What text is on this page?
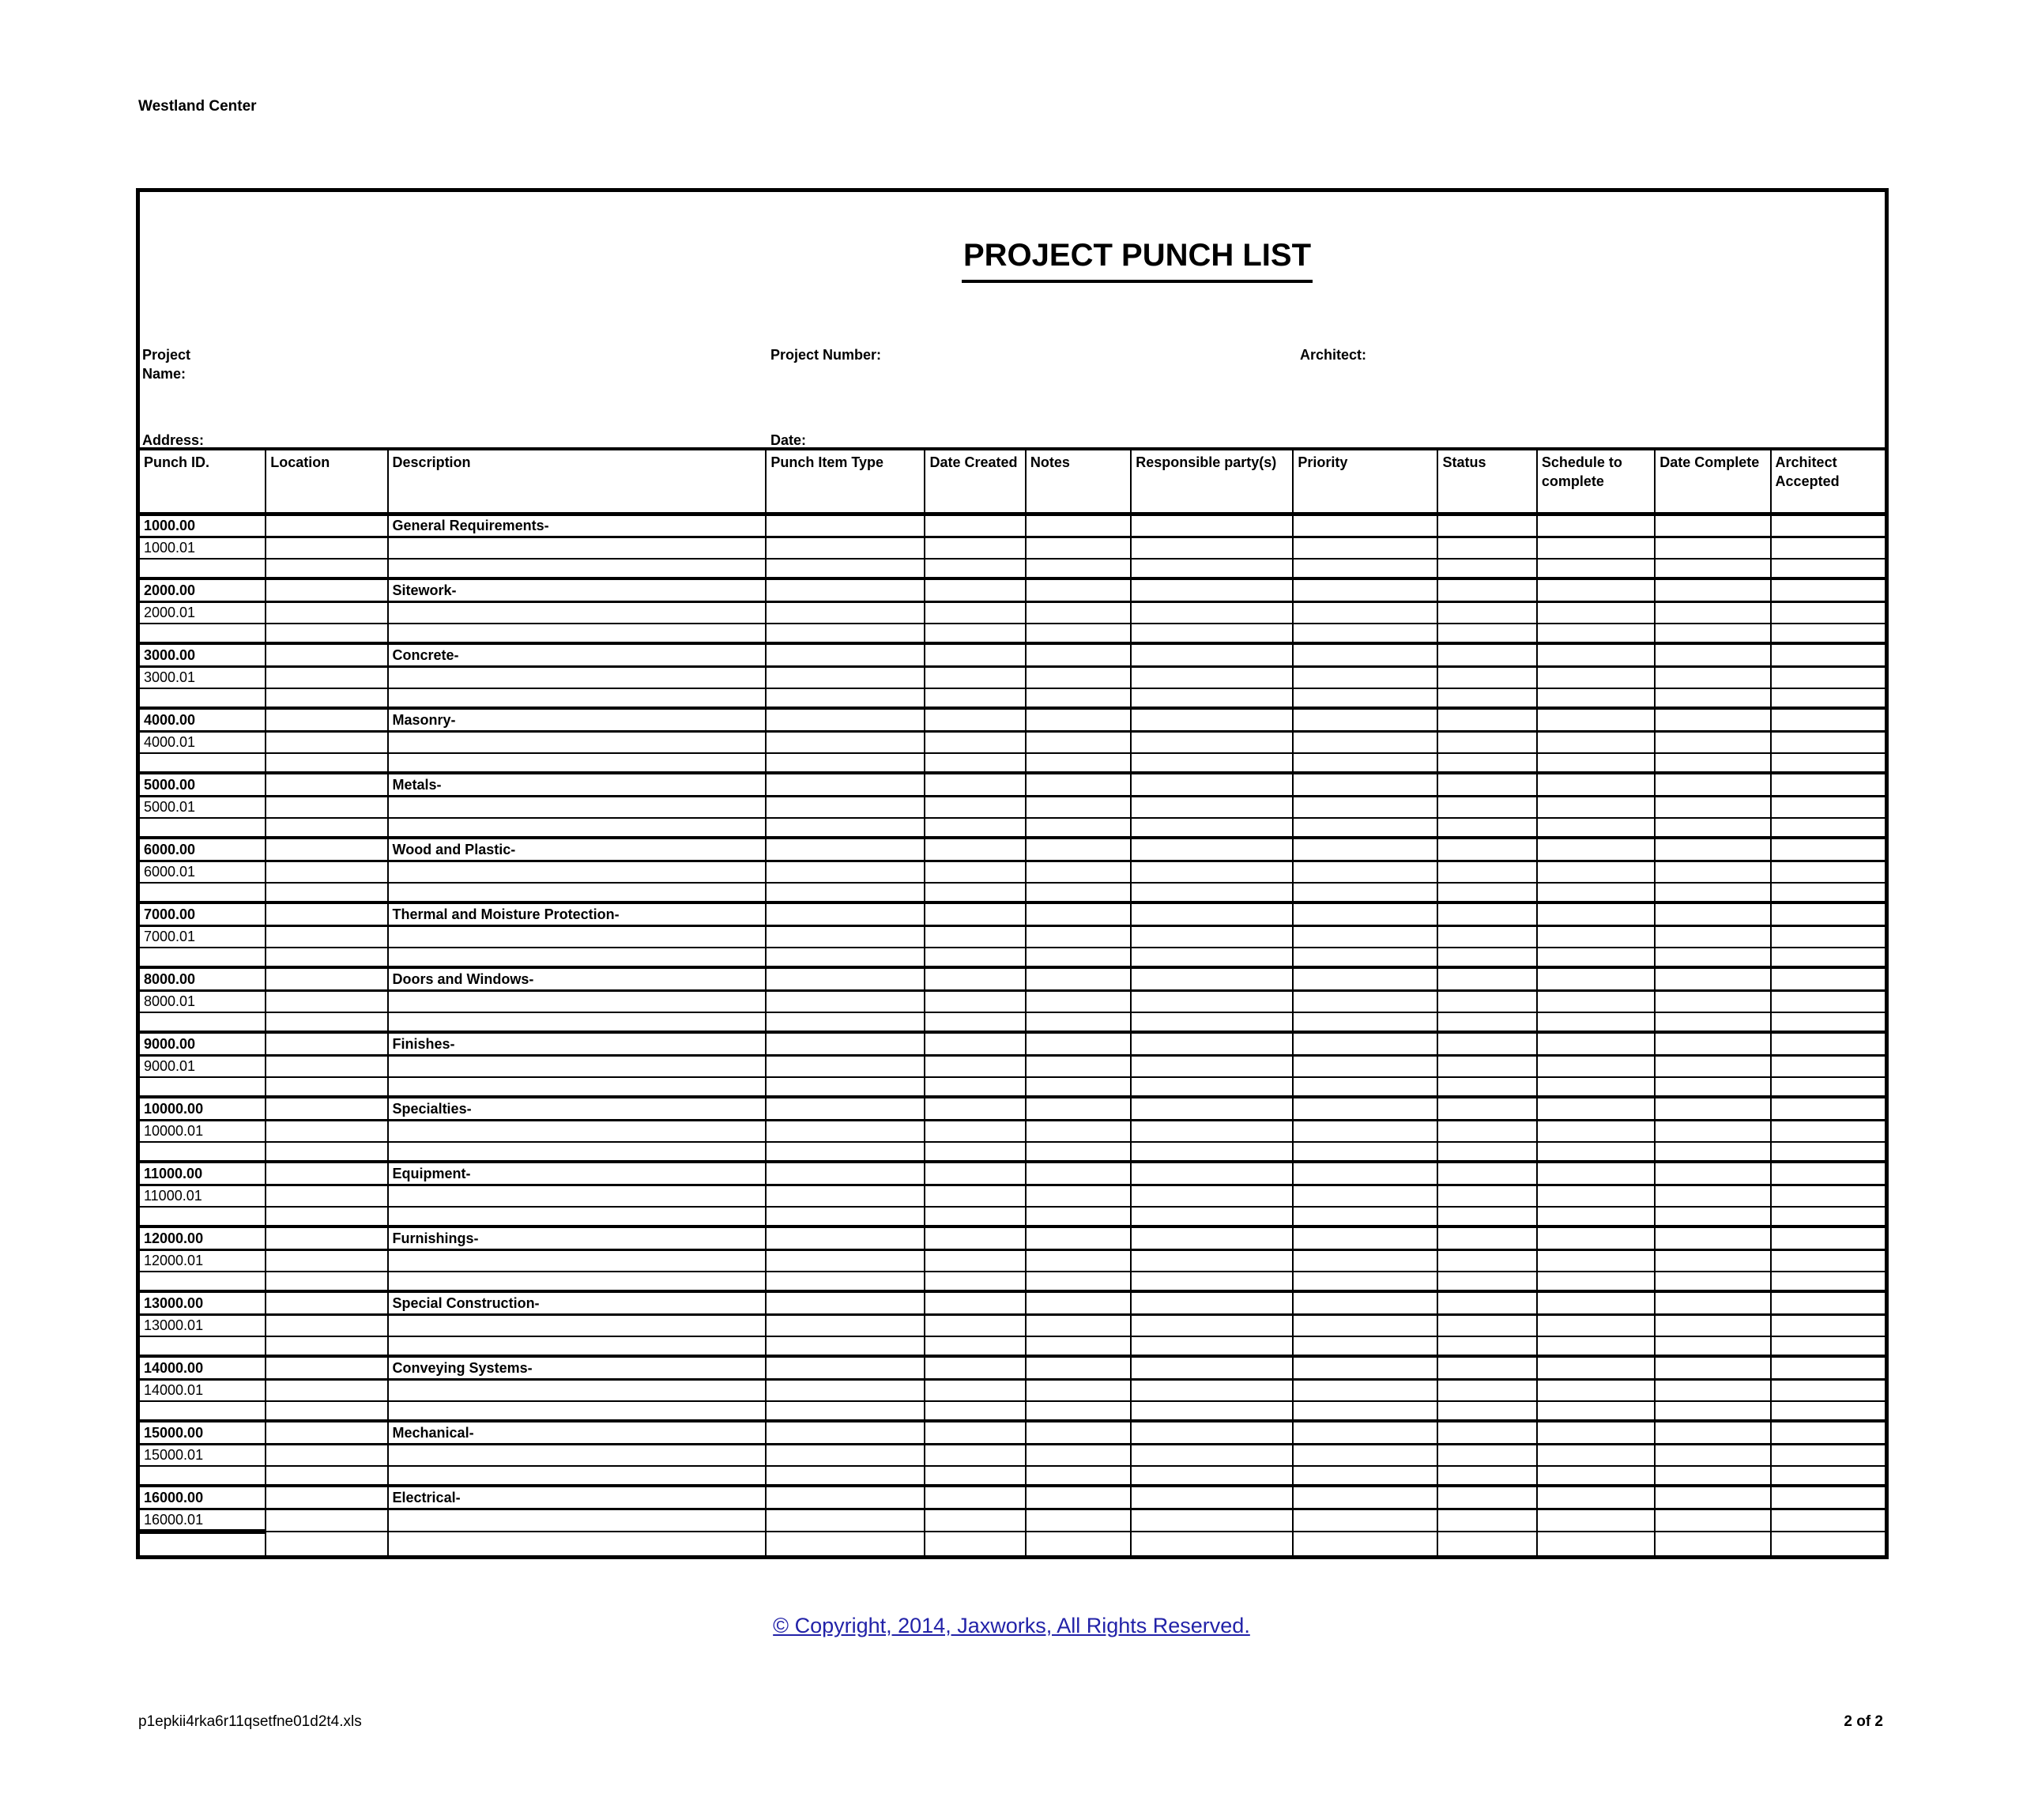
Westland Center
PROJECT PUNCH LIST
Project Name:
Project Number:	Architect:
Address:	Date:
Punch ID.	Location	Description	Punch Item Type	Date Created	Notes	Responsible party(s)	Priority	Status	Schedule to complete	Date Complete	Architect Accepted
1000.00		General Requirements-									
1000.01											

2000.00		Sitework-									
2000.01											

3000.00		Concrete-									
3000.01											

4000.00		Masonry-									
4000.01											

5000.00		Metals-									
5000.01											

6000.00		Wood and Plastic-									
6000.01											

7000.00		Thermal and Moisture Protection-									
7000.01											

8000.00		Doors and Windows-									
8000.01											

9000.00		Finishes-									
9000.01											

10000.00		Specialties-									
10000.01											

11000.00		Equipment-									
11000.01											

12000.00		Furnishings-									
12000.01											

13000.00		Special Construction-									
13000.01											

14000.00		Conveying Systems-									
14000.01											

15000.00		Mechanical-									
15000.01											

16000.00		Electrical-									
16000.01											

© Copyright, 2014, Jaxworks, All Rights Reserved.
p1epkii4rka6r11qsetfne01d2t4.xls	2 of 2
